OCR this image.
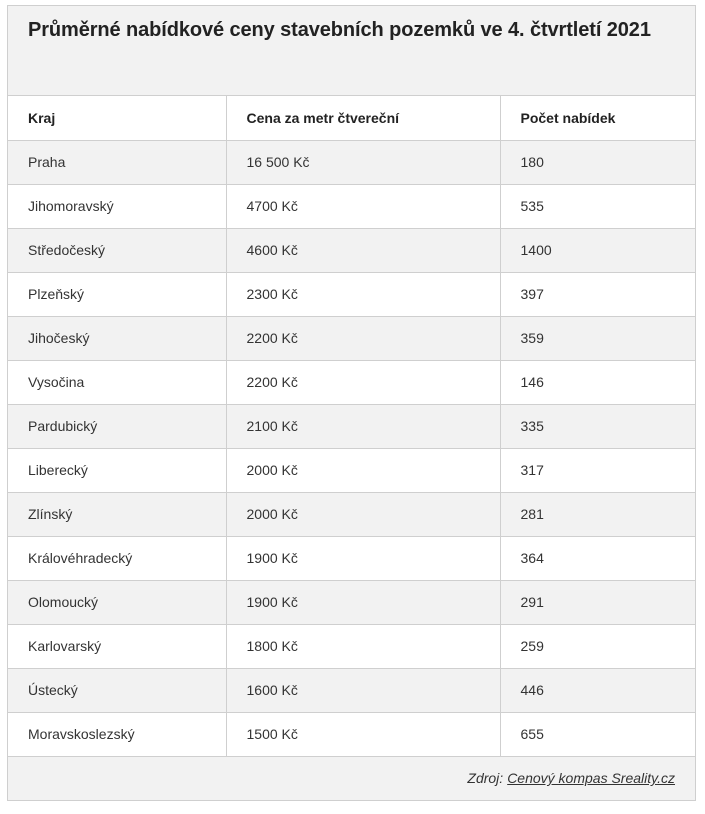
Průměrné nabídkové ceny stavebních pozemků ve 4. čtvrtletí 2021
Kraj	Cena za metr čtvereční	Počet nabídek
Praha	16 500 Kč	180
Jihomoravský	4700 Kč	535
Středočeský	4600 Kč	1400
Plzeňský	2300 Kč	397
Jihočeský	2200 Kč	359
Vysočina	2200 Kč	146
Pardubický	2100 Kč	335
Liberecký	2000 Kč	317
Zlínský	2000 Kč	281
Královéhradecký	1900 Kč	364
Olomoucký	1900 Kč	291
Karlovarský	1800 Kč	259
Ústecký	1600 Kč	446
Moravskoslezský	1500 Kč	655
Zdroj: Cenový kompas Sreality.cz
